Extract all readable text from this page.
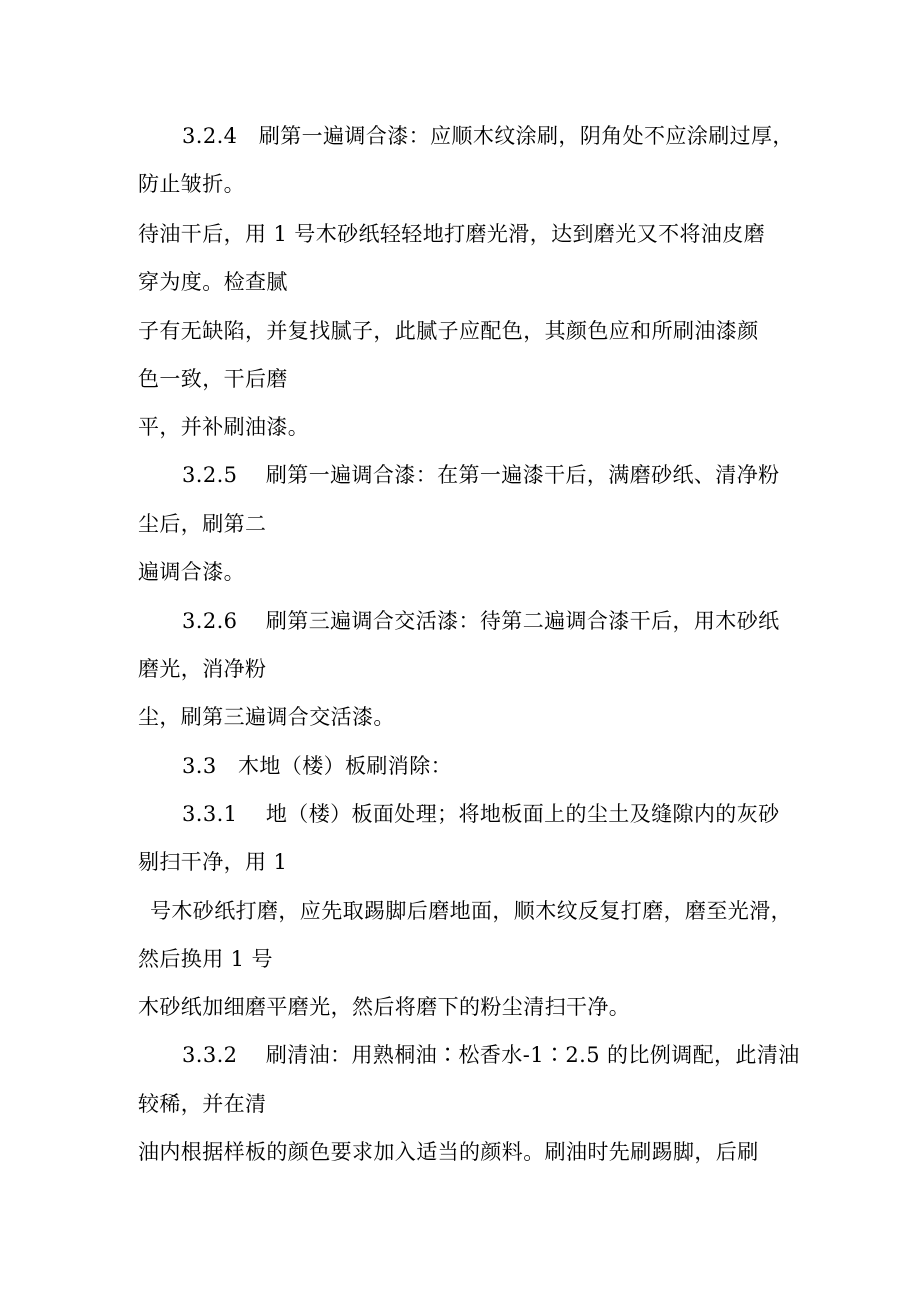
3.2.4　刷第一遍调合漆：应顺木纹涂刷，阴角处不应涂刷过厚，
防止皱折。
待油干后，用 1 号木砂纸轻轻地打磨光滑，达到磨光又不将油皮磨
穿为度。检查腻
子有无缺陷，并复找腻子，此腻子应配色，其颜色应和所刷油漆颜
色一致，干后磨
平，并补刷油漆。
3.2.5　 刷第一遍调合漆：在第一遍漆干后，满磨砂纸、清净粉
尘后，刷第二
遍调合漆。
3.2.6　 刷第三遍调合交活漆：待第二遍调合漆干后，用木砂纸
磨光，消净粉
尘，刷第三遍调合交活漆。
3.3　木地（楼）板刷消除：
3.3.1　 地（楼）板面处理；将地板面上的尘土及缝隙内的灰砂
剔扫干净，用 1
号木砂纸打磨，应先取踢脚后磨地面，顺木纹反复打磨，磨至光滑，
然后换用 1 号
木砂纸加细磨平磨光，然后将磨下的粉尘清扫干净。
3.3.2　 刷清油：用熟桐油∶松香水-1∶2.5 的比例调配，此清油
较稀，并在清
油内根据样板的颜色要求加入适当的颜料。刷油时先刷踢脚，后刷
